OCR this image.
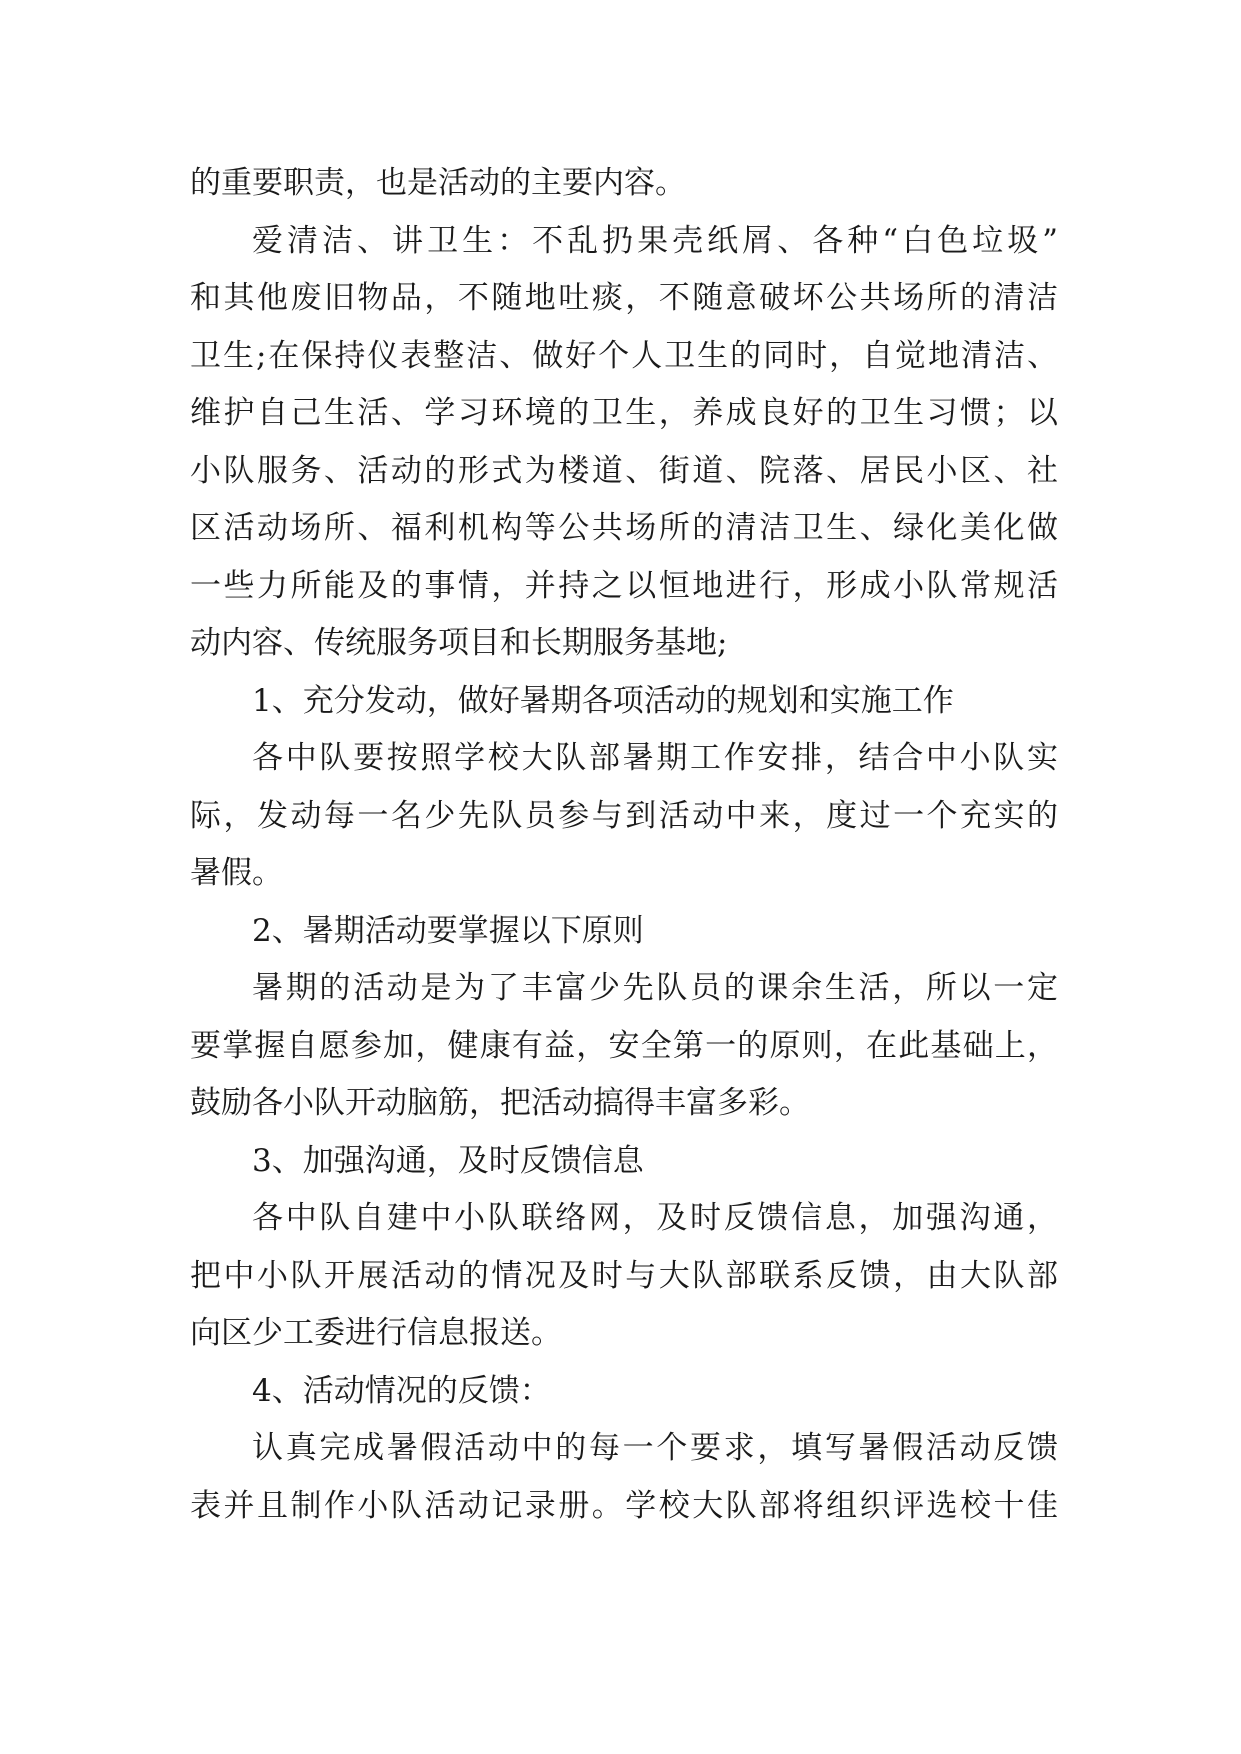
的重要职责，也是活动的主要内容。
爱清洁、讲卫生：不乱扔果壳纸屑、各种“白色垃圾”
和其他废旧物品，不随地吐痰，不随意破坏公共场所的清洁
卫生;在保持仪表整洁、做好个人卫生的同时，自觉地清洁、
维护自己生活、学习环境的卫生，养成良好的卫生习惯；以
小队服务、活动的形式为楼道、街道、院落、居民小区、社
区活动场所、福利机构等公共场所的清洁卫生、绿化美化做
一些力所能及的事情，并持之以恒地进行，形成小队常规活
动内容、传统服务项目和长期服务基地;
1、充分发动，做好暑期各项活动的规划和实施工作
各中队要按照学校大队部暑期工作安排，结合中小队实
际，发动每一名少先队员参与到活动中来，度过一个充实的
暑假。
2、暑期活动要掌握以下原则
暑期的活动是为了丰富少先队员的课余生活，所以一定
要掌握自愿参加，健康有益，安全第一的原则，在此基础上，
鼓励各小队开动脑筋，把活动搞得丰富多彩。
3、加强沟通，及时反馈信息
各中队自建中小队联络网，及时反馈信息，加强沟通，
把中小队开展活动的情况及时与大队部联系反馈，由大队部
向区少工委进行信息报送。
4、活动情况的反馈：
认真完成暑假活动中的每一个要求，填写暑假活动反馈
表并且制作小队活动记录册。学校大队部将组织评选校十佳
